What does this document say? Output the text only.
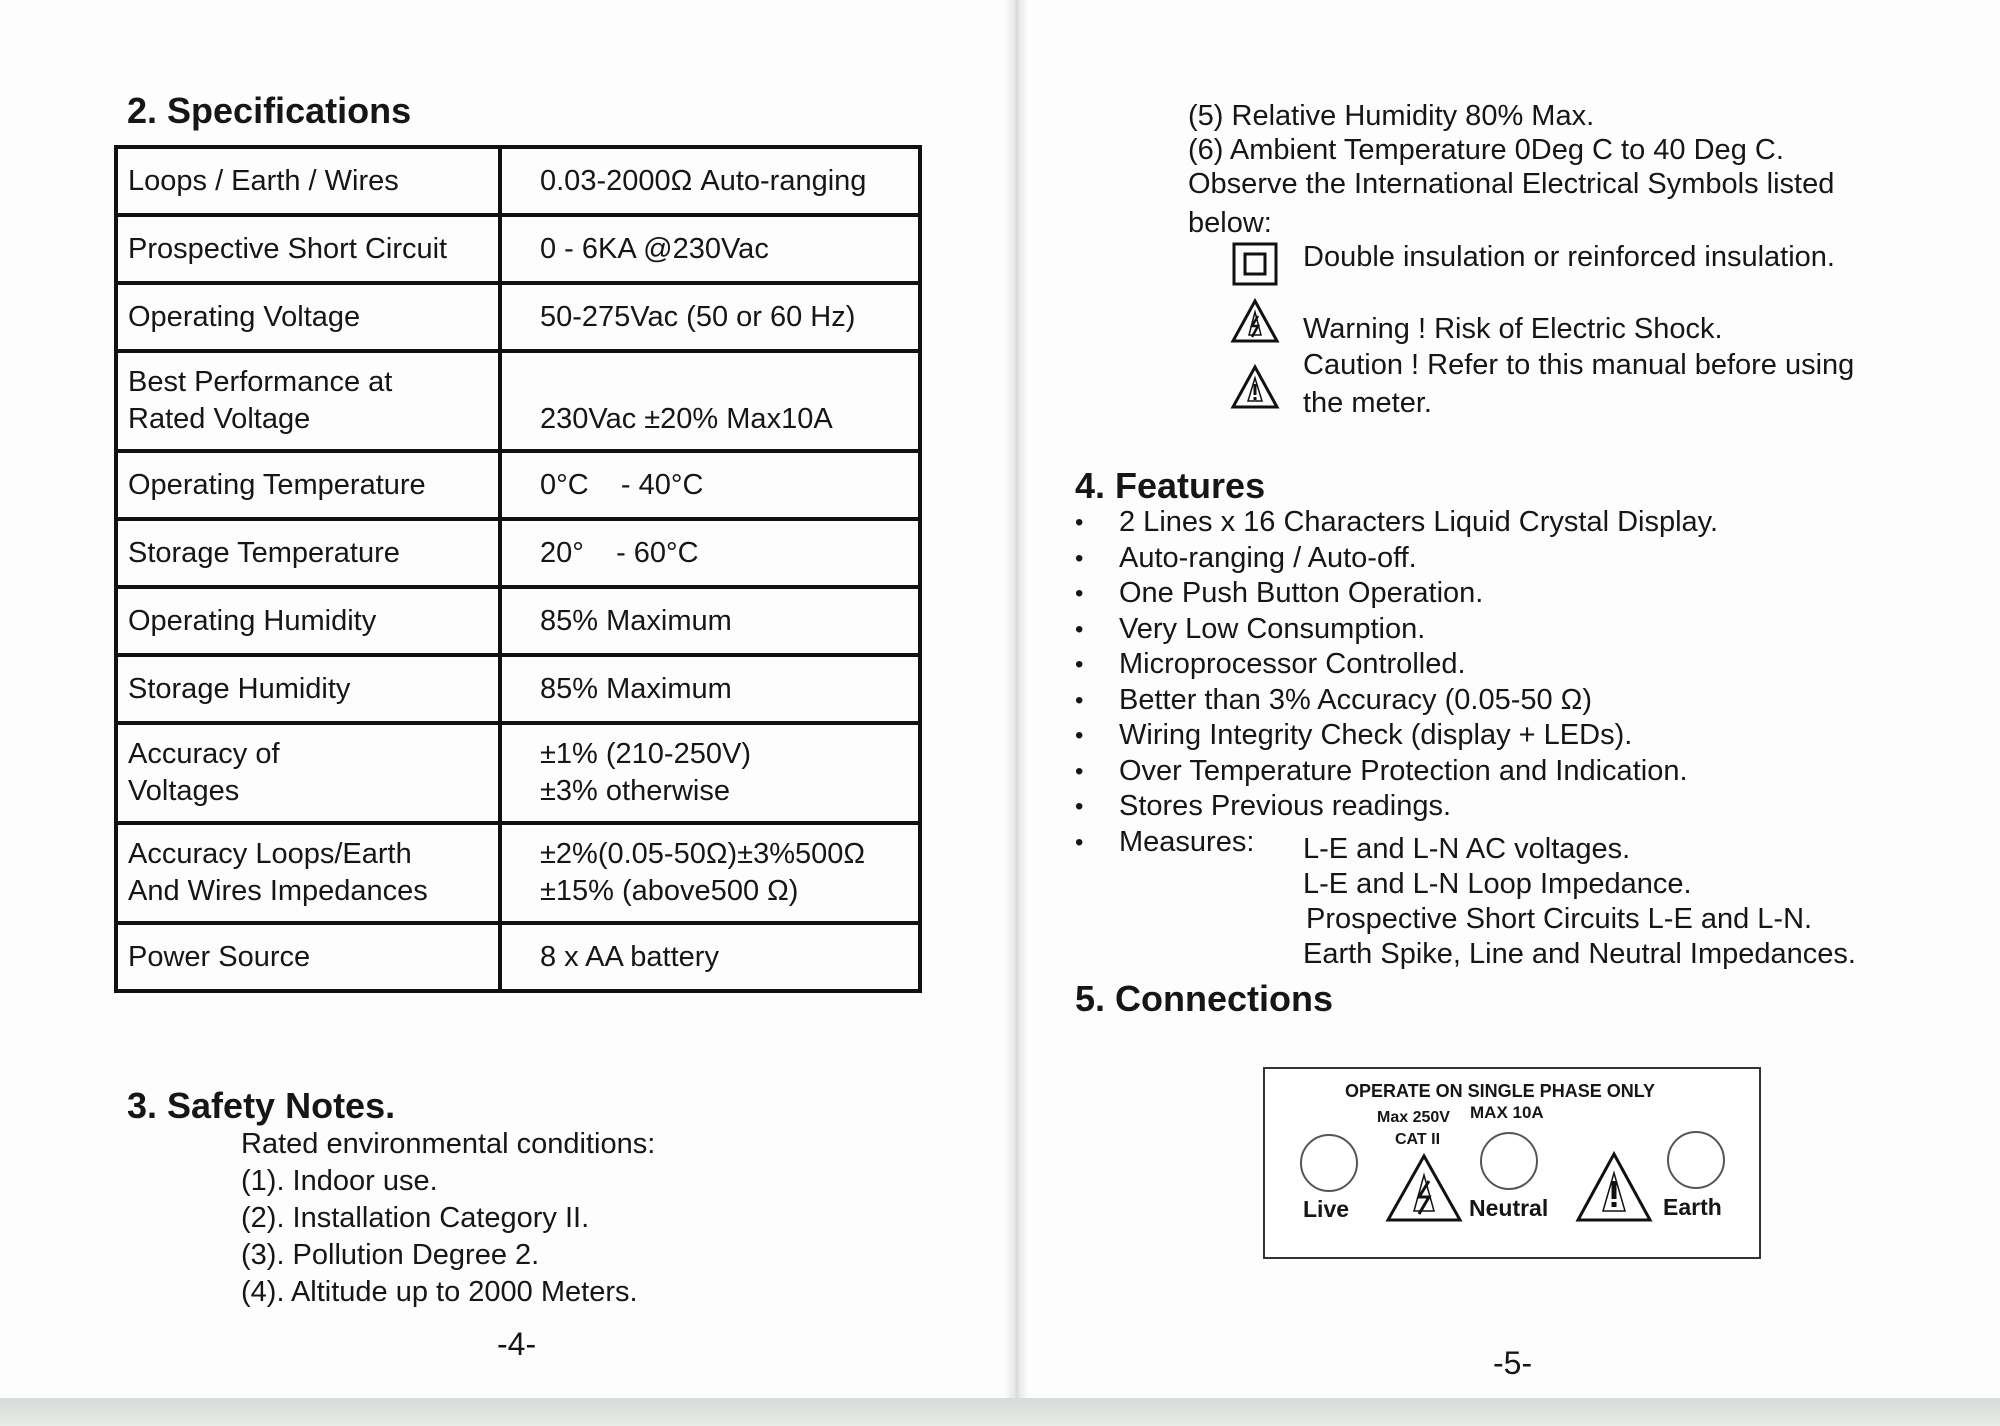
2. Specifications
Loops / Earth / Wires	0.03-2000Ω Auto-ranging

Prospective Short Circuit	0 - 6KA @230Vac

Operating Voltage	50-275Vac (50 or 60 Hz)

Best Performance at
Rated Voltage	230Vac ±20% Max10A

Operating Temperature	0°C    - 40°C

Storage Temperature	20°    - 60°C

Operating Humidity	85% Maximum

Storage Humidity	85% Maximum

Accuracy of
Voltages	±1% (210-250V)
±3% otherwise

Accuracy Loops/Earth
And Wires Impedances	±2%(0.05-50Ω)±3%500Ω
±15% (above500 Ω)

Power Source	8 x AA battery
3. Safety Notes.
Rated environmental conditions:
(1). Indoor use.
(2). Installation Category II.
(3). Pollution Degree 2.
(4). Altitude up to 2000 Meters.
-4-
(5) Relative Humidity 80% Max.
(6) Ambient Temperature 0Deg C to 40 Deg C.
Observe the International Electrical Symbols listed
below:
Double insulation or reinforced insulation.
Warning ! Risk of Electric Shock.
Caution ! Refer to this manual before using
the meter.
4. Features
• 2 Lines x 16 Characters Liquid Crystal Display.
• Auto-ranging / Auto-off.
• One Push Button Operation.
• Very Low Consumption.
• Microprocessor Controlled.
• Better than 3% Accuracy (0.05-50 Ω)
• Wiring Integrity Check (display + LEDs).
• Over Temperature Protection and Indication.
• Stores Previous readings.
• Measures:	L-E and L-N AC voltages.
L-E and L-N Loop Impedance.
Prospective Short Circuits L-E and L-N.
Earth Spike, Line and Neutral Impedances.
5. Connections
OPERATE ON SINGLE PHASE ONLY
Max 250V MAX 10A
CAT II
Live	Neutral	Earth
-5-
